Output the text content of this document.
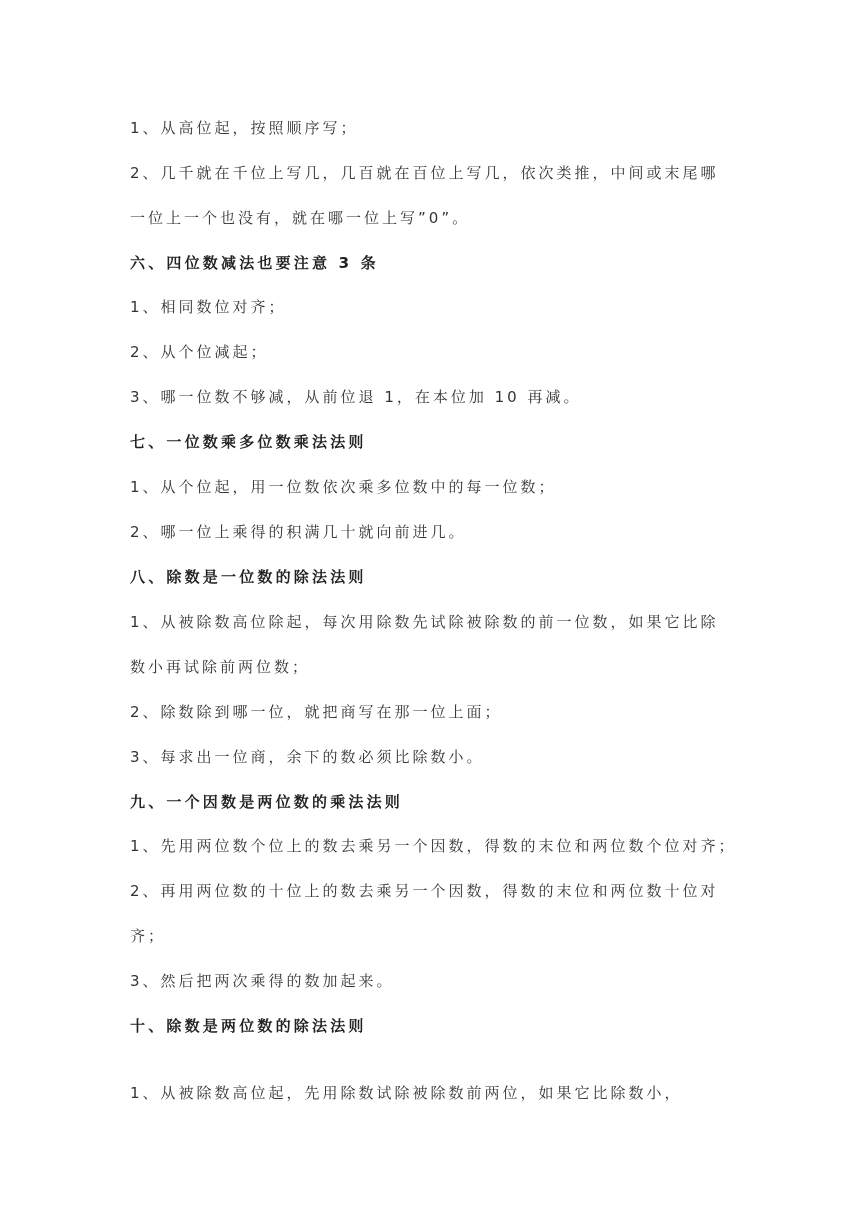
1、从高位起，按照顺序写；
2、几千就在千位上写几，几百就在百位上写几，依次类推，中间或末尾哪
一位上一个也没有，就在哪一位上写”0”。
六、四位数减法也要注意 3 条
1、相同数位对齐；
2、从个位减起；
3、哪一位数不够减，从前位退 1，在本位加 10 再减。
七、一位数乘多位数乘法法则
1、从个位起，用一位数依次乘多位数中的每一位数；
2、哪一位上乘得的积满几十就向前进几。
八、除数是一位数的除法法则
1、从被除数高位除起，每次用除数先试除被除数的前一位数，如果它比除
数小再试除前两位数；
2、除数除到哪一位，就把商写在那一位上面；
3、每求出一位商，余下的数必须比除数小。
九、一个因数是两位数的乘法法则
1、先用两位数个位上的数去乘另一个因数，得数的末位和两位数个位对齐；
2、再用两位数的十位上的数去乘另一个因数，得数的末位和两位数十位对
齐；
3、然后把两次乘得的数加起来。
十、除数是两位数的除法法则
1、从被除数高位起，先用除数试除被除数前两位，如果它比除数小，
